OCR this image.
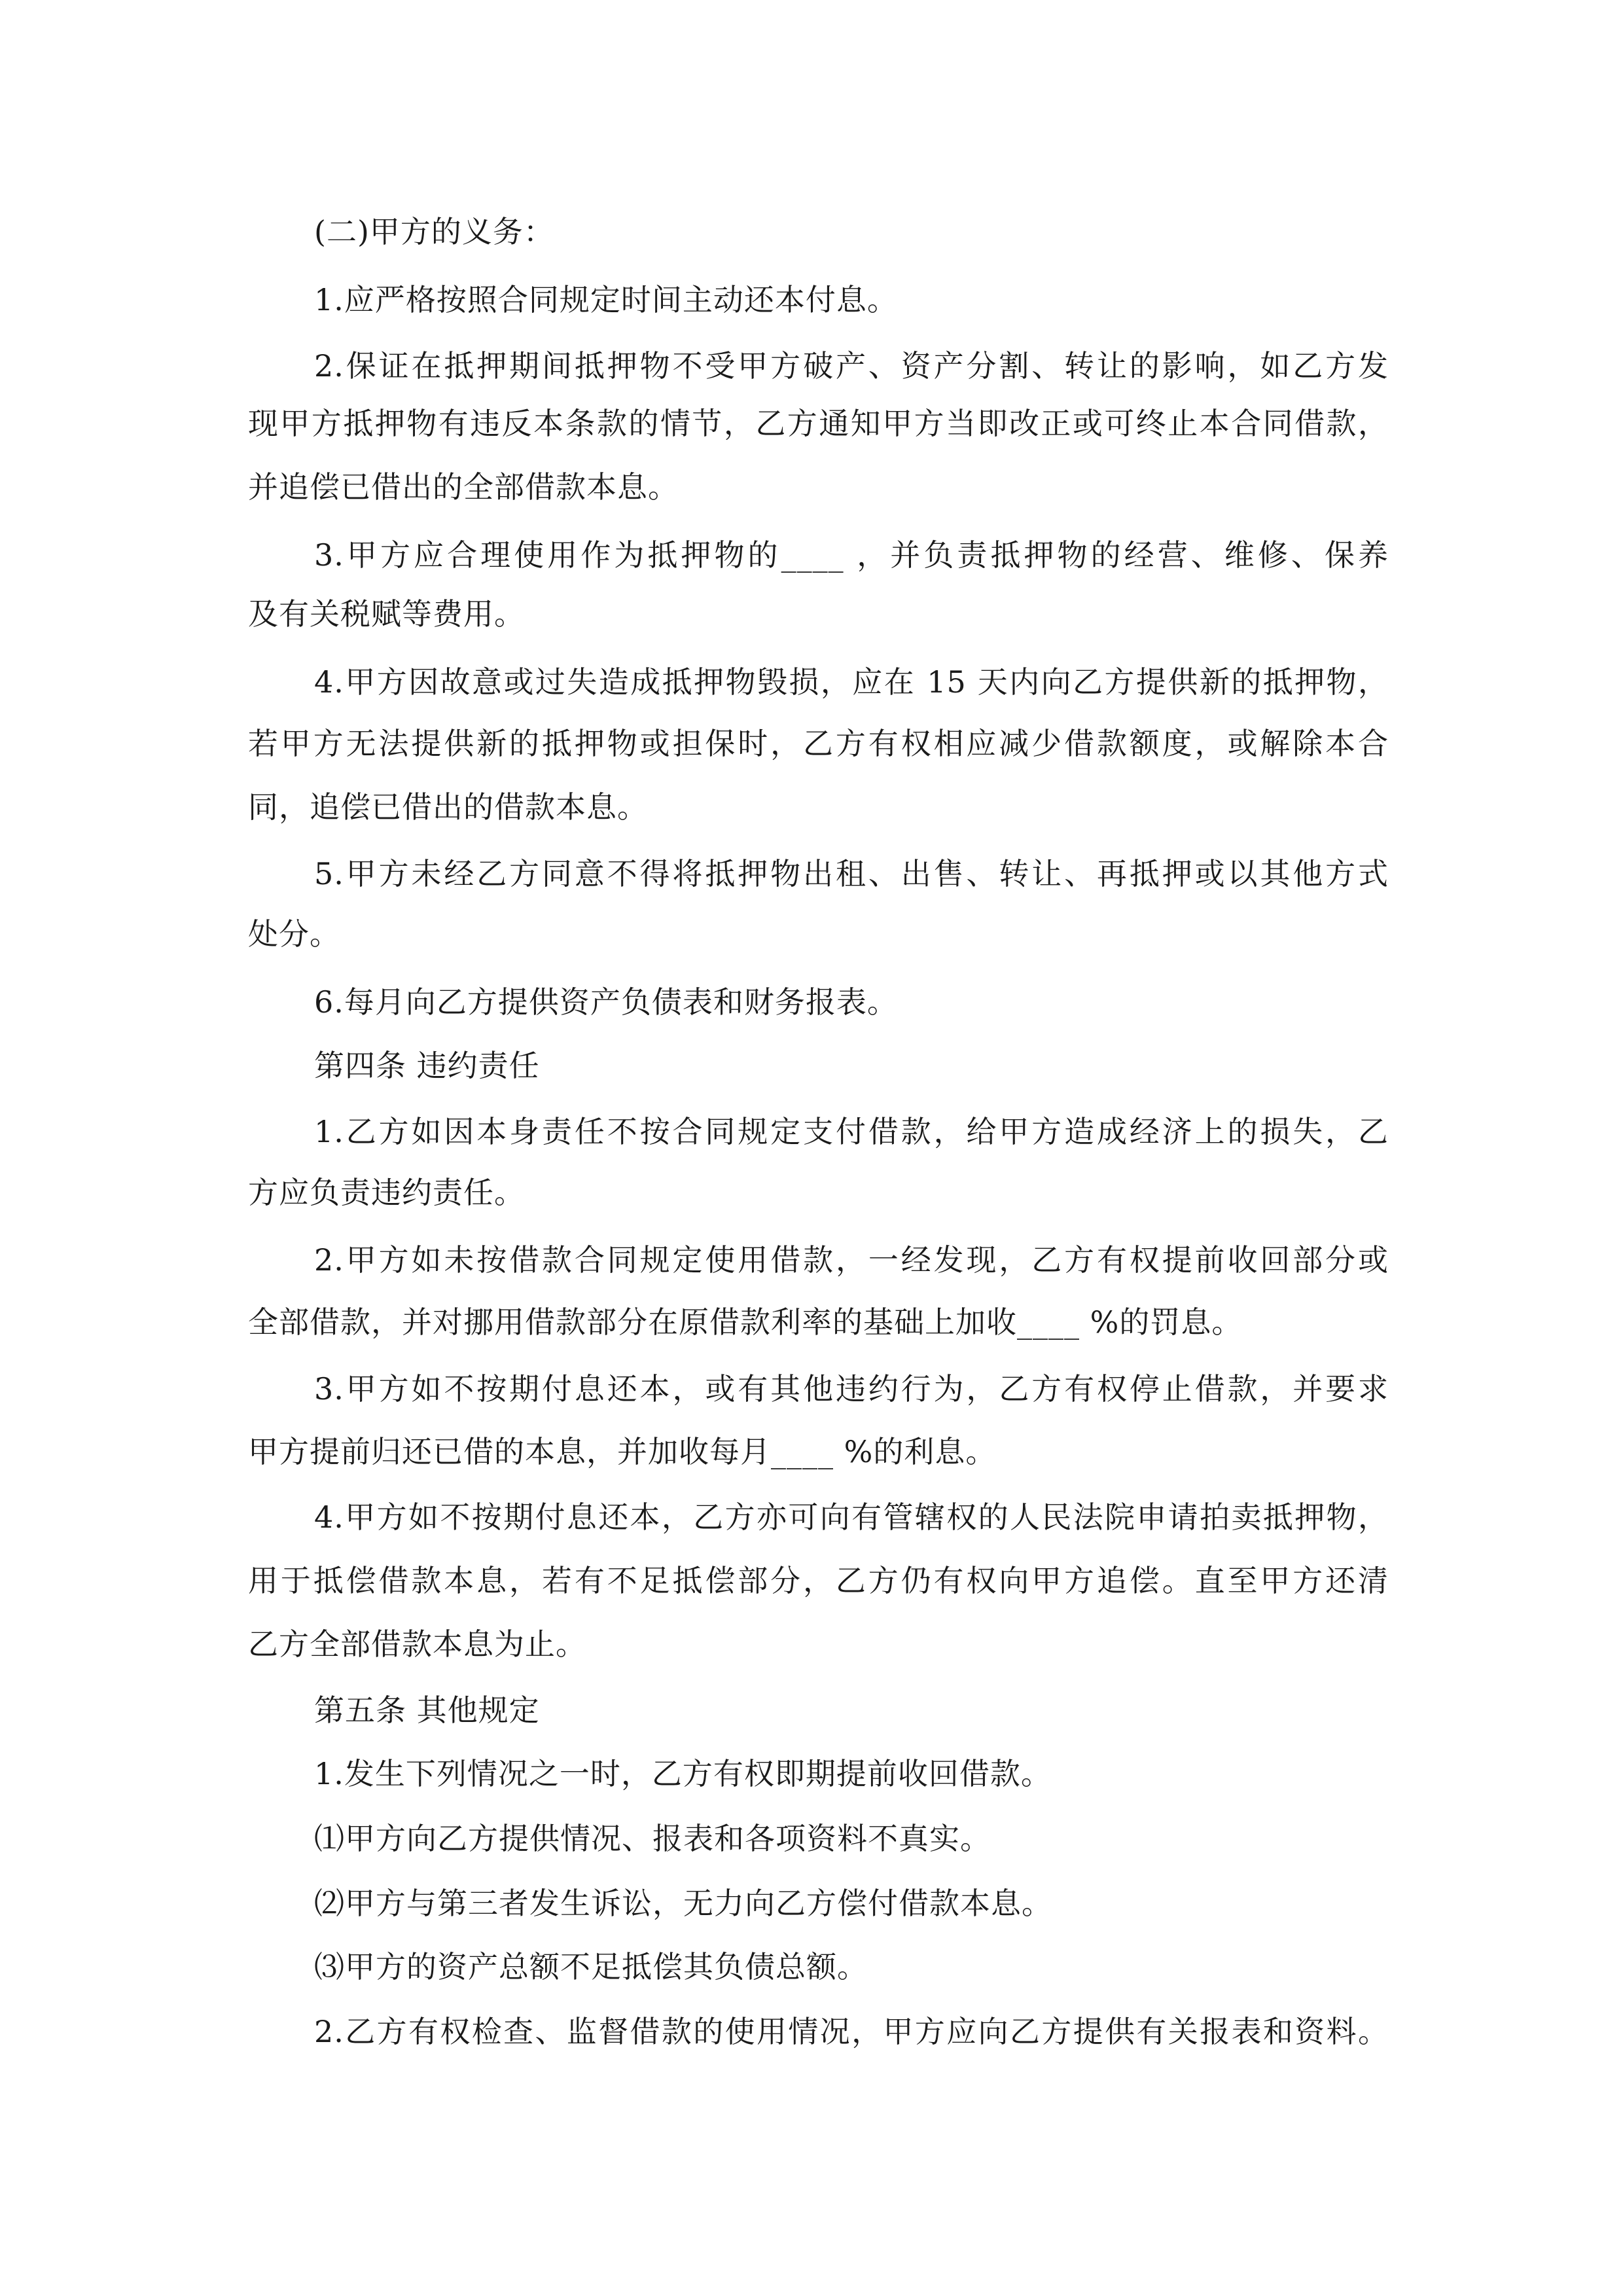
(二)甲方的义务：
1.应严格按照合同规定时间主动还本付息。
2.保证在抵押期间抵押物不受甲方破产、资产分割、转让的影响，如乙方发
现甲方抵押物有违反本条款的情节，乙方通知甲方当即改正或可终止本合同借款，
并追偿已借出的全部借款本息。
3.甲方应合理使用作为抵押物的____ ，并负责抵押物的经营、维修、保养
及有关税赋等费用。
4.甲方因故意或过失造成抵押物毁损，应在 15 天内向乙方提供新的抵押物，
若甲方无法提供新的抵押物或担保时，乙方有权相应减少借款额度，或解除本合
同，追偿已借出的借款本息。
5.甲方未经乙方同意不得将抵押物出租、出售、转让、再抵押或以其他方式
处分。
6.每月向乙方提供资产负债表和财务报表。
第四条 违约责任
1.乙方如因本身责任不按合同规定支付借款，给甲方造成经济上的损失，乙
方应负责违约责任。
2.甲方如未按借款合同规定使用借款，一经发现，乙方有权提前收回部分或
全部借款，并对挪用借款部分在原借款利率的基础上加收____ %的罚息。
3.甲方如不按期付息还本，或有其他违约行为，乙方有权停止借款，并要求
甲方提前归还已借的本息，并加收每月____ %的利息。
4.甲方如不按期付息还本，乙方亦可向有管辖权的人民法院申请拍卖抵押物，
用于抵偿借款本息，若有不足抵偿部分，乙方仍有权向甲方追偿。直至甲方还清
乙方全部借款本息为止。
第五条 其他规定
1.发生下列情况之一时，乙方有权即期提前收回借款。
⑴甲方向乙方提供情况、报表和各项资料不真实。
⑵甲方与第三者发生诉讼，无力向乙方偿付借款本息。
⑶甲方的资产总额不足抵偿其负债总额。
2.乙方有权检查、监督借款的使用情况，甲方应向乙方提供有关报表和资料。
